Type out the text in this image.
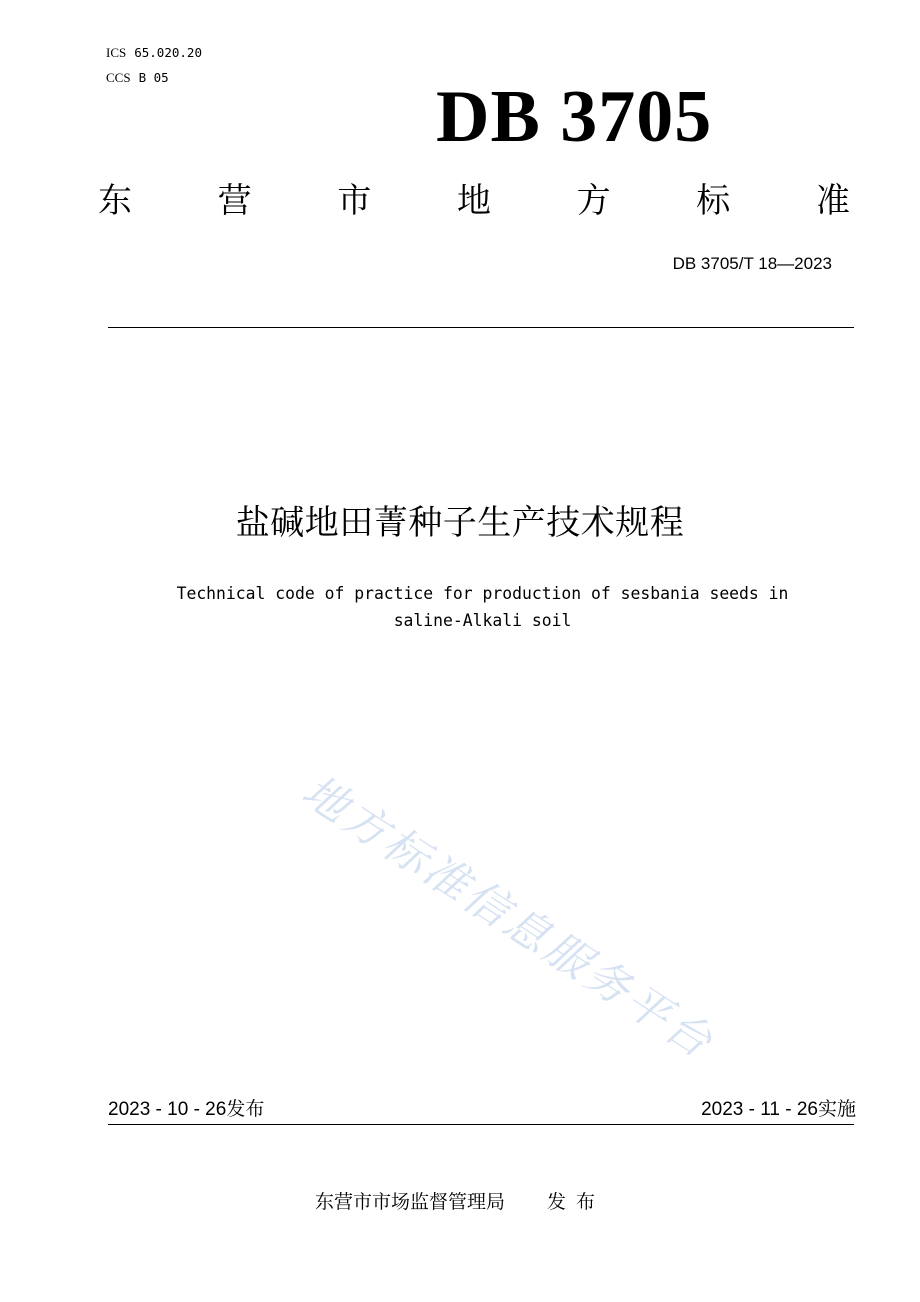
ICS 65.020.20
CCS B 05	DB 3705
东	营	市	地	方	标	准
DB 3705/T 18—2023
盐碱地田菁种子生产技术规程
Technical code of practice for production of sesbania seeds in
saline-Alkali soil
地方标准信息服务平台
2023 - 10 - 26发布	2023 - 11 - 26实施
东营市市场监督管理局 发布
